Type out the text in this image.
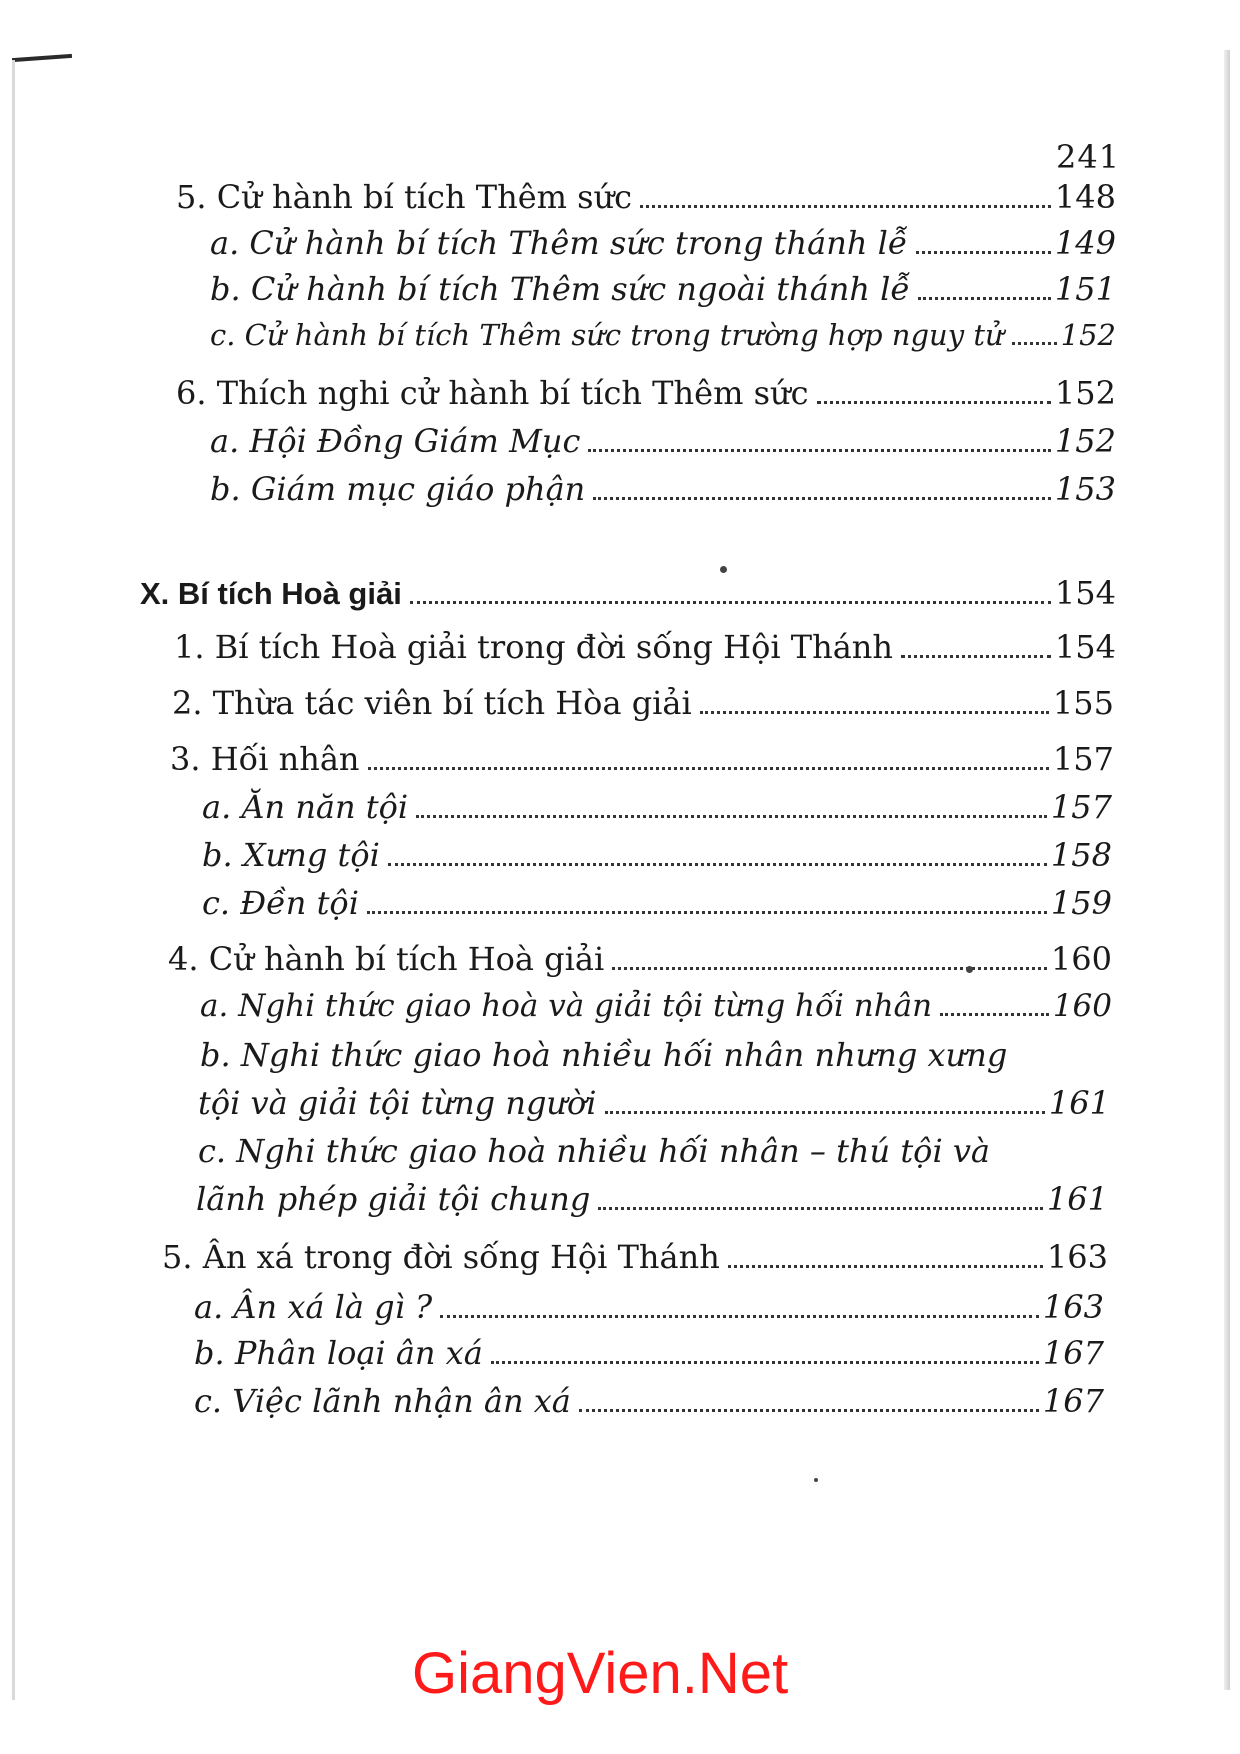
241
5. Cử hành bí tích Thêm sức	148
a. Cử hành bí tích Thêm sức trong thánh lễ	149
b. Cử hành bí tích Thêm sức ngoài thánh lễ	151
c. Cử hành bí tích Thêm sức trong trường hợp nguy tử 152
6. Thích nghi cử hành bí tích Thêm sức	152
a. Hội Đồng Giám Mục	152
b. Giám mục giáo phận	153
X. Bí tích Hoà giải	154
1. Bí tích Hoà giải trong đời sống Hội Thánh	154
2. Thừa tác viên bí tích Hòa giải	155
3. Hối nhân	157
a. Ăn năn tội	157
b. Xưng tội	158
c. Đền tội	159
4. Cử hành bí tích Hoà giải	160
a. Nghi thức giao hoà và giải tội từng hối nhân	160
b. Nghi thức giao hoà nhiều hối nhân nhưng xưng
tội và giải tội từng người	161
c. Nghi thức giao hoà nhiều hối nhân – thú tội và
lãnh phép giải tội chung	161
5. Ân xá trong đời sống Hội Thánh	163
a. Ân xá là gì ?	163
b. Phân loại ân xá	167
c. Việc lãnh nhận ân xá	167
GiangVien.Net
